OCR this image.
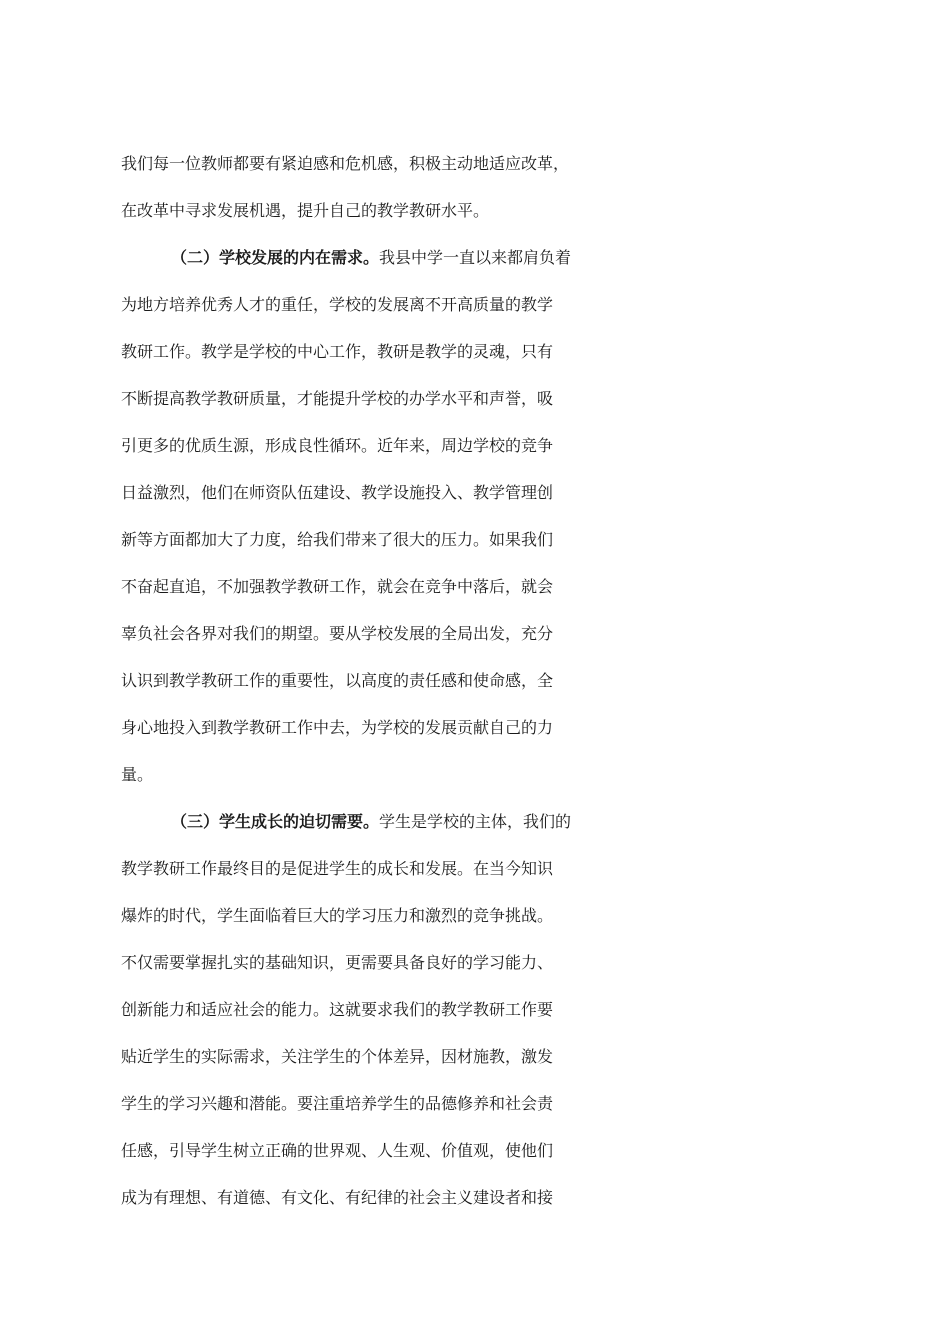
我们每一位教师都要有紧迫感和危机感，积极主动地适应改革，

在改革中寻求发展机遇，提升自己的教学教研水平。

（二）学校发展的内在需求。我县中学一直以来都肩负着

为地方培养优秀人才的重任，学校的发展离不开高质量的教学

教研工作。教学是学校的中心工作，教研是教学的灵魂，只有

不断提高教学教研质量，才能提升学校的办学水平和声誉，吸

引更多的优质生源，形成良性循环。近年来，周边学校的竞争

日益激烈，他们在师资队伍建设、教学设施投入、教学管理创

新等方面都加大了力度，给我们带来了很大的压力。如果我们

不奋起直追，不加强教学教研工作，就会在竞争中落后，就会

辜负社会各界对我们的期望。要从学校发展的全局出发，充分

认识到教学教研工作的重要性，以高度的责任感和使命感，全

身心地投入到教学教研工作中去，为学校的发展贡献自己的力

量。

（三）学生成长的迫切需要。学生是学校的主体，我们的

教学教研工作最终目的是促进学生的成长和发展。在当今知识

爆炸的时代，学生面临着巨大的学习压力和激烈的竞争挑战。

不仅需要掌握扎实的基础知识，更需要具备良好的学习能力、

创新能力和适应社会的能力。这就要求我们的教学教研工作要

贴近学生的实际需求，关注学生的个体差异，因材施教，激发

学生的学习兴趣和潜能。要注重培养学生的品德修养和社会责

任感，引导学生树立正确的世界观、人生观、价值观，使他们

成为有理想、有道德、有文化、有纪律的社会主义建设者和接
